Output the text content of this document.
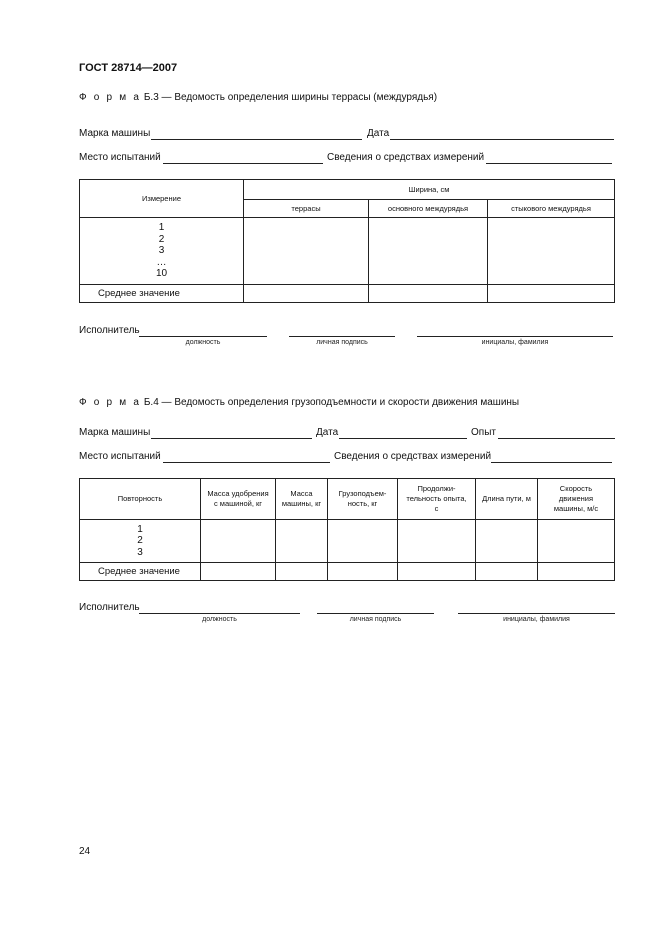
ГОСТ 28714—2007
Ф о р м а Б.3 — Ведомость определения ширины террасы (междурядья)
Марка машины	Дата
Место испытаний	Сведения о средствах измерений
Измерение	Ширина, см		
	террасы	основного междурядья	стыкового междурядья

1
2
3
…
10			

Среднее значение			
Исполнитель
должность	личная подпись	инициалы, фамилия
Ф о р м а Б.4 — Ведомость определения грузоподъемности и скорости движения машины
Марка машины	Дата	Опыт
Место испытаний	Сведения о средствах измерений
Повторность	Масса удобрения с машиной, кг	Масса машины, кг	Грузоподъем-ность, кг	Продолжи-тельность опыта, с	Длина пути, м	Скорость движения машины, м/с

1
2
3						

Среднее значение						
Исполнитель
должность	личная подпись	инициалы, фамилия
24
